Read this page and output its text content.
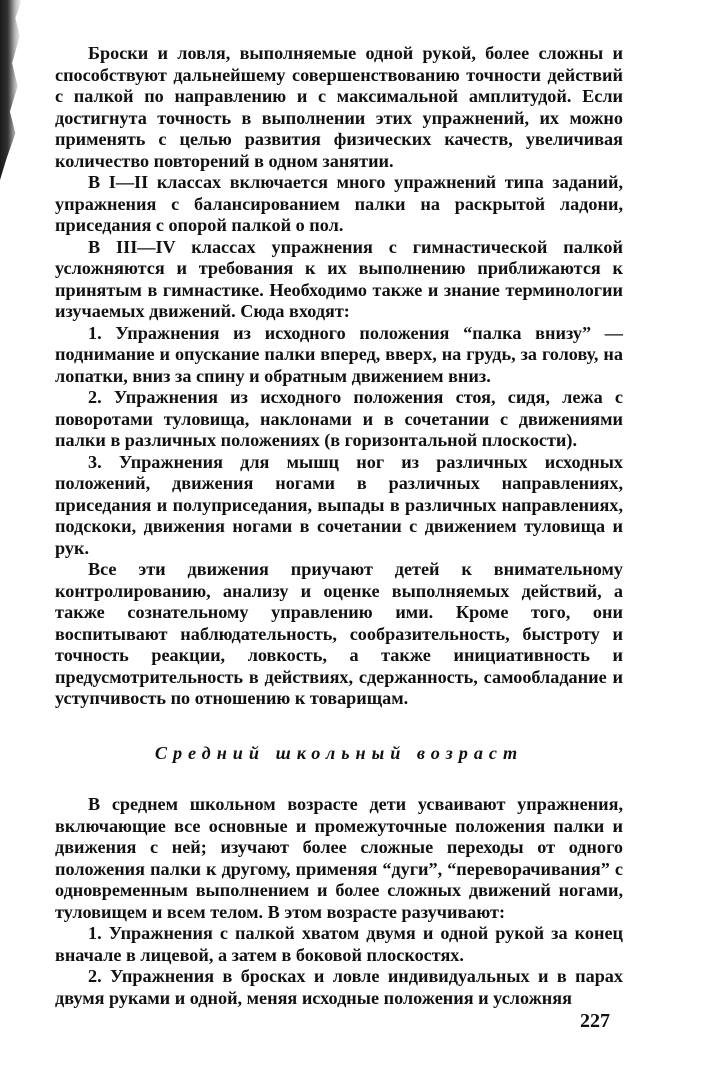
Броски и ловля, выполняемые одной рукой, более сложны и способствуют дальнейшему совершенствованию точности действий с палкой по направлению и с максимальной амплитудой. Если достигнута точность в выполнении этих упражнений, их можно применять с целью развития физических качеств, увеличивая количество повторений в одном занятии.

В I—II классах включается много упражнений типа заданий, упражнения с балансированием палки на раскрытой ладони, приседания с опорой палкой о пол.

В III—IV классах упражнения с гимнастической палкой усложняются и требования к их выполнению приближаются к принятым в гимнастике. Необходимо также и знание терминологии изучаемых движений. Сюда входят:

1. Упражнения из исходного положения “палка внизу” — поднимание и опускание палки вперед, вверх, на грудь, за голову, на лопатки, вниз за спину и обратным движением вниз.

2. Упражнения из исходного положения стоя, сидя, лежа с поворотами туловища, наклонами и в сочетании с движениями палки в различных положениях (в горизонтальной плоскости).

3. Упражнения для мышц ног из различных исходных положений, движения ногами в различных направлениях, приседания и полуприседания, выпады в различных направлениях, подскоки, движения ногами в сочетании с движением туловища и рук.

Все эти движения приучают детей к внимательному контролированию, анализу и оценке выполняемых действий, а также сознательному управлению ими. Кроме того, они воспитывают наблюдательность, сообразительность, быстроту и точность реакции, ловкость, а также инициативность и предусмотрительность в действиях, сдержанность, самообладание и уступчивость по отношению к товарищам.

Средний школьный возраст

В среднем школьном возрасте дети усваивают упражнения, включающие все основные и промежуточные положения палки и движения с ней; изучают более сложные переходы от одного положения палки к другому, применяя “дуги”, “переворачивания” с одновременным выполнением и более сложных движений ногами, туловищем и всем телом. В этом возрасте разучивают:

1. Упражнения с палкой хватом двумя и одной рукой за конец вначале в лицевой, а затем в боковой плоскостях.

2. Упражнения в бросках и ловле индивидуальных и в парах двумя руками и одной, меняя исходные положения и усложняя

227
